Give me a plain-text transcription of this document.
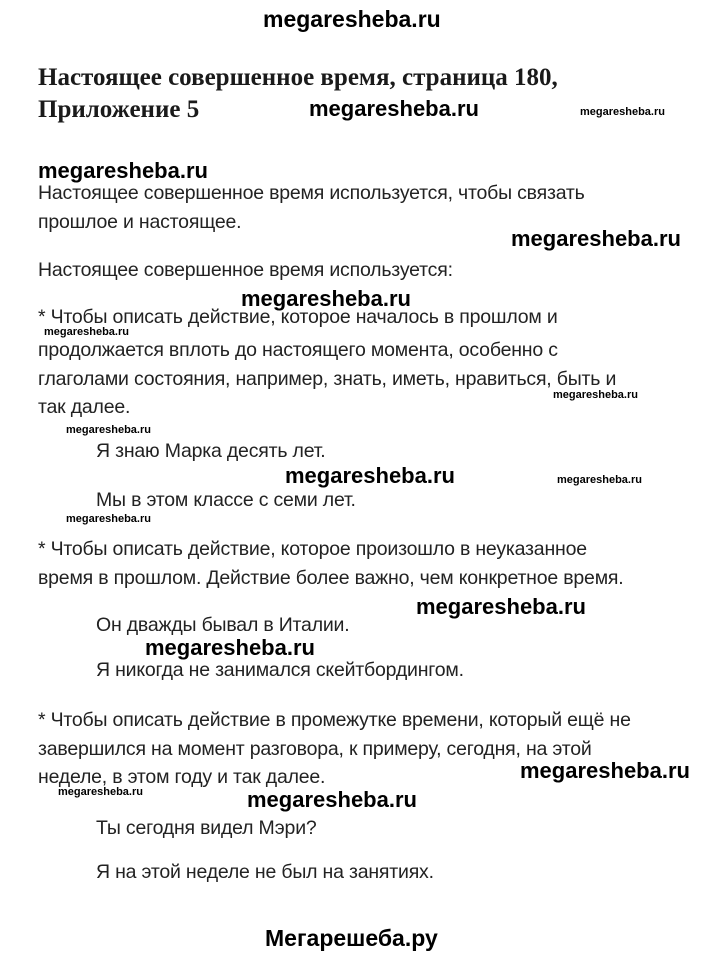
megaresheba.ru
Настоящее совершенное время, страница 180,
Приложение 5	megaresheba.ru	megaresheba.ru
megaresheba.ru
Настоящее совершенное время используется, чтобы связать
прошлое и настоящее.
megaresheba.ru
Настоящее совершенное время используется:
megaresheba.ru
* Чтобы описать действие, которое началось в прошлом и
megaresheba.ru
продолжается вплоть до настоящего момента, особенно с
глаголами состояния, например, знать, иметь, нравиться, быть и
так далее.
megaresheba.ru
megaresheba.ru
Я знаю Марка десять лет.
megaresheba.ru	megaresheba.ru
Мы в этом классе с семи лет.
megaresheba.ru
* Чтобы описать действие, которое произошло в неуказанное
время в прошлом. Действие более важно, чем конкретное время.
megaresheba.ru
Он дважды бывал в Италии.
megaresheba.ru
Я никогда не занимался скейтбордингом.
* Чтобы описать действие в промежутке времени, который ещё не
завершился на момент разговора, к примеру, сегодня, на этой
неделе, в этом году и так далее.	megaresheba.ru
megaresheba.ru	megaresheba.ru
Ты сегодня видел Мэри?
Я на этой неделе не был на занятиях.
Мегарешеба.ру
